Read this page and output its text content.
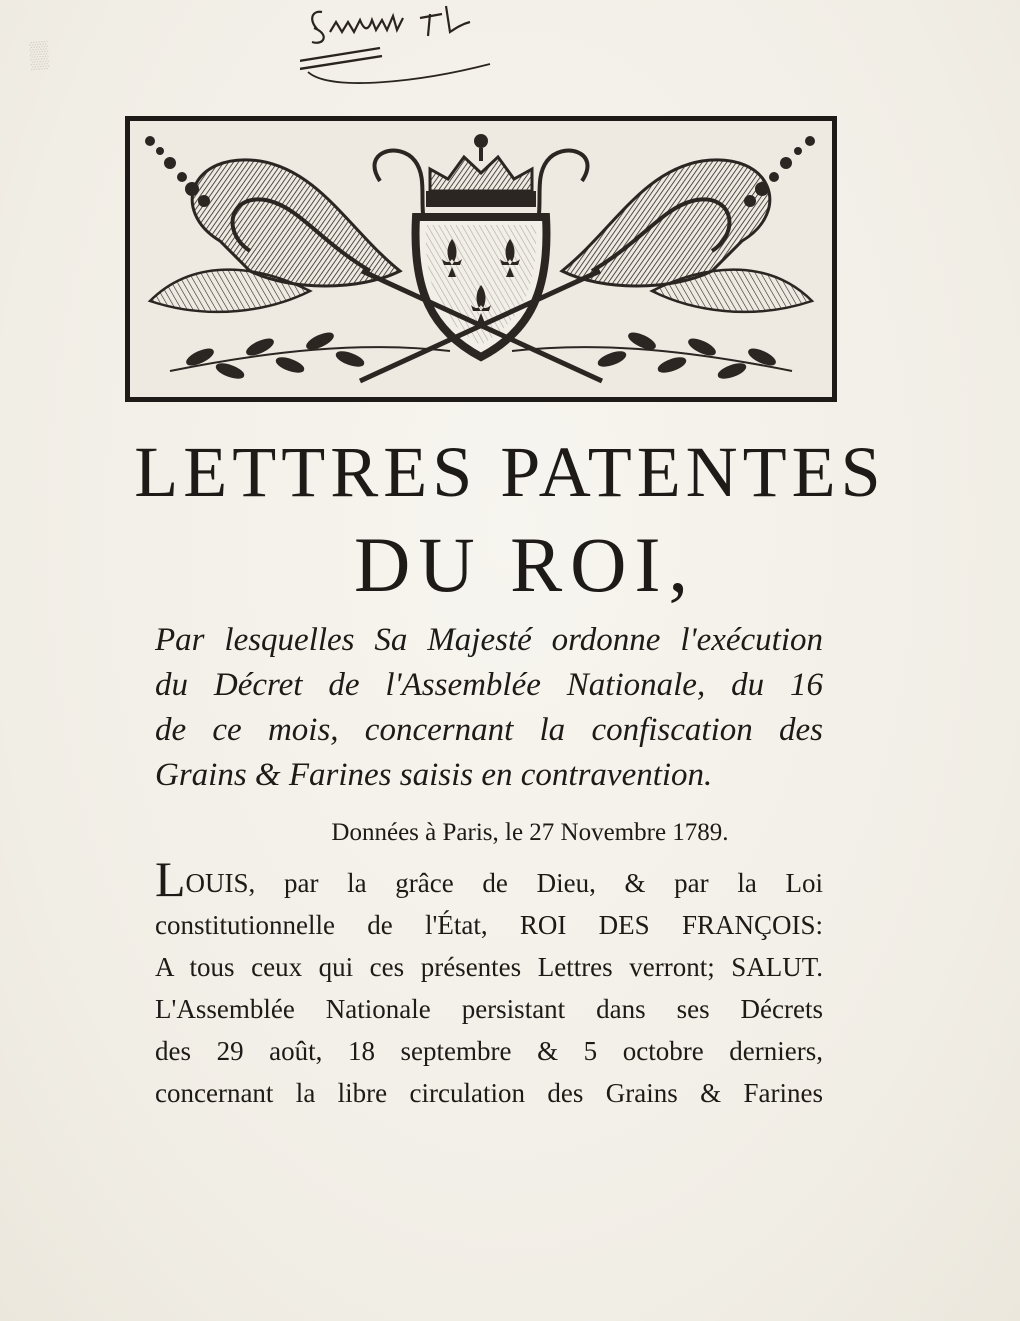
▒

LETTRES PATENTES
DU ROI,
Par lesquelles Sa Majesté ordonne l'exécution
du Décret de l'Assemblée Nationale, du 16
de ce mois, concernant la confiscation des
Grains & Farines saisis en contravention.
Données à Paris, le 27 Novembre 1789.
LOUIS, par la grâce de Dieu, & par la Loi
constitutionnelle de l'État, ROI DES FRANÇOIS:
A tous ceux qui ces présentes Lettres verront; SALUT.
L'Assemblée Nationale persistant dans ses Décrets
des 29 août, 18 septembre & 5 octobre derniers,
concernant la libre circulation des Grains & Farines
